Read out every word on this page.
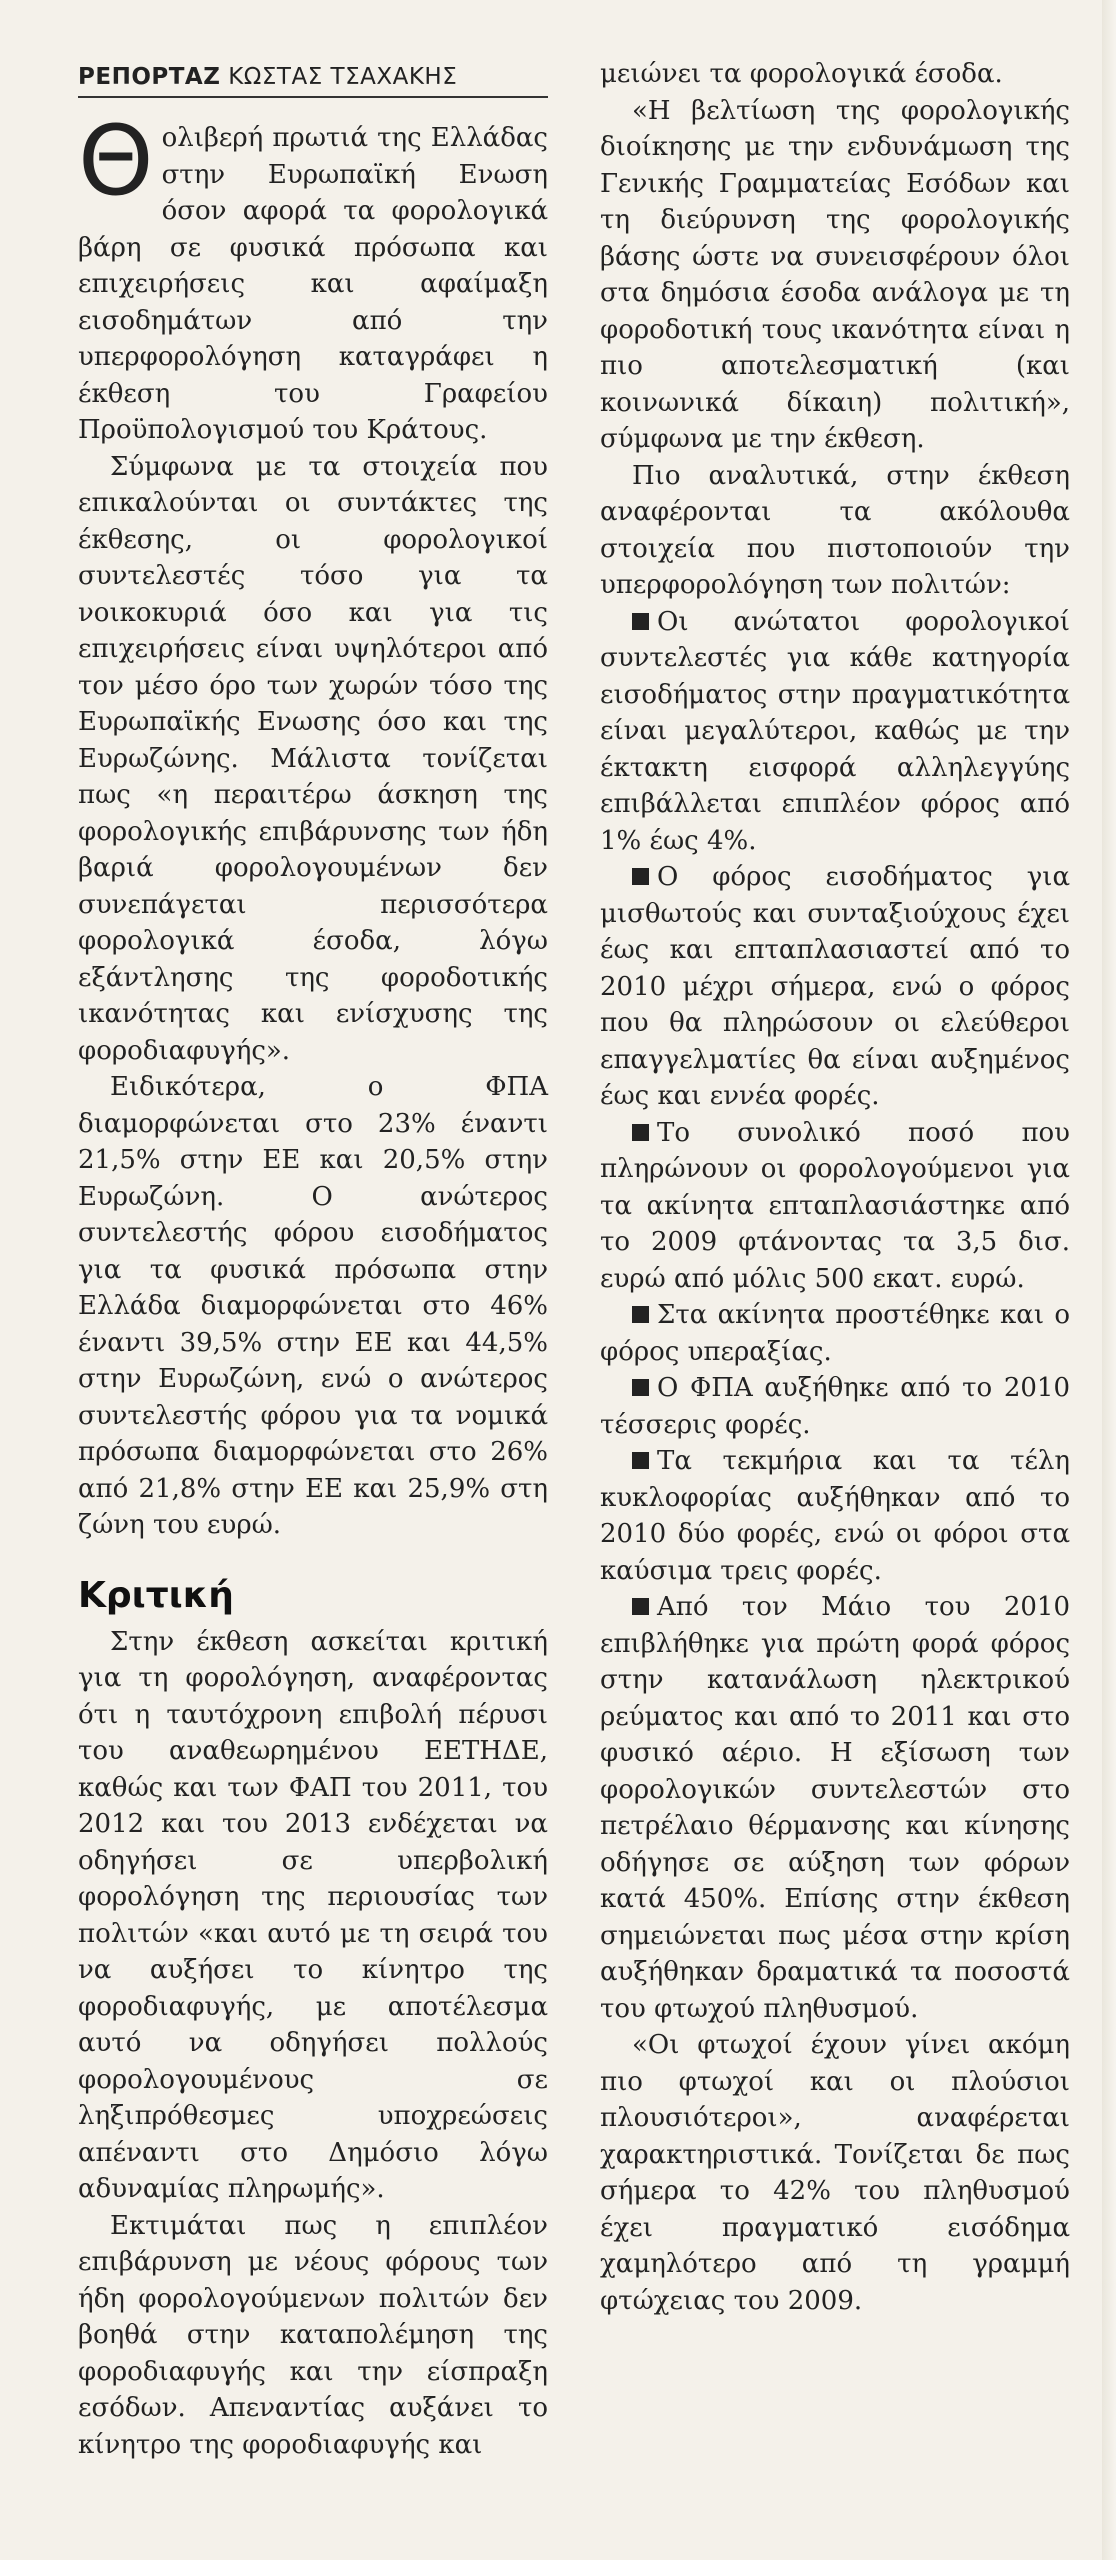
ΡΕΠΟΡΤΑΖ ΚΩΣΤΑΣ ΤΣΑΧΑΚΗΣ

Θολιβερή πρωτιά της Ελλάδας στην Ευρωπαϊκή Ενωση όσον αφορά τα φορολογικά βάρη σε φυσικά πρόσωπα και επιχειρήσεις και αφαίμαξη εισοδημάτων από την υπερφορολόγηση καταγράφει η έκθεση του Γραφείου Προϋπολογισμού του Κράτους.

Σύμφωνα με τα στοιχεία που επικαλούνται οι συντάκτες της έκθεσης, οι φορολογικοί συντελεστές τόσο για τα νοικοκυριά όσο και για τις επιχειρήσεις είναι υψηλότεροι από τον μέσο όρο των χωρών τόσο της Ευρωπαϊκής Ενωσης όσο και της Ευρωζώνης. Μάλιστα τονίζεται πως «η περαιτέρω άσκηση της φορολογικής επιβάρυνσης των ήδη βαριά φορολογουμένων δεν συνεπάγεται περισσότερα φορολογικά έσοδα, λόγω εξάντλησης της φοροδοτικής ικανότητας και ενίσχυσης της φοροδιαφυγής».

Ειδικότερα, ο ΦΠΑ διαμορφώνεται στο 23% έναντι 21,5% στην ΕΕ και 20,5% στην Ευρωζώνη. Ο ανώτερος συντελεστής φόρου εισοδήματος για τα φυσικά πρόσωπα στην Ελλάδα διαμορφώνεται στο 46% έναντι 39,5% στην ΕΕ και 44,5% στην Ευρωζώνη, ενώ ο ανώτερος συντελεστής φόρου για τα νομικά πρόσωπα διαμορφώνεται στο 26% από 21,8% στην ΕΕ και 25,9% στη ζώνη του ευρώ.

Κριτική

Στην έκθεση ασκείται κριτική για τη φορολόγηση, αναφέροντας ότι η ταυτόχρονη επιβολή πέρυσι του αναθεωρημένου ΕΕΤΗΔΕ, καθώς και των ΦΑΠ του 2011, του 2012 και του 2013 ενδέχεται να οδηγήσει σε υπερβολική φορολόγηση της περιουσίας των πολιτών «και αυτό με τη σειρά του να αυξήσει το κίνητρο της φοροδιαφυγής, με αποτέλεσμα αυτό να οδηγήσει πολλούς φορολογουμένους σε ληξιπρόθεσμες υποχρεώσεις απέναντι στο Δημόσιο λόγω αδυναμίας πληρωμής».

Εκτιμάται πως η επιπλέον επιβάρυνση με νέους φόρους των ήδη φορολογούμενων πολιτών δεν βοηθά στην καταπολέμηση της φοροδιαφυγής και την είσπραξη εσόδων. Απεναντίας αυξάνει το κίνητρο της φοροδιαφυγής και

μειώνει τα φορολογικά έσοδα.

«Η βελτίωση της φορολογικής διοίκησης με την ενδυνάμωση της Γενικής Γραμματείας Εσόδων και τη διεύρυνση της φορολογικής βάσης ώστε να συνεισφέρουν όλοι στα δημόσια έσοδα ανάλογα με τη φοροδοτική τους ικανότητα είναι η πιο αποτελεσματική (και κοινωνικά δίκαιη) πολιτική», σύμφωνα με την έκθεση.

Πιο αναλυτικά, στην έκθεση αναφέρονται τα ακόλουθα στοιχεία που πιστοποιούν την υπερφορολόγηση των πολιτών:

Οι ανώτατοι φορολογικοί συντελεστές για κάθε κατηγορία εισοδήματος στην πραγματικότητα είναι μεγαλύτεροι, καθώς με την έκτακτη εισφορά αλληλεγγύης επιβάλλεται επιπλέον φόρος από 1% έως 4%.

Ο φόρος εισοδήματος για μισθωτούς και συνταξιούχους έχει έως και επταπλασιαστεί από το 2010 μέχρι σήμερα, ενώ ο φόρος που θα πληρώσουν οι ελεύθεροι επαγγελματίες θα είναι αυξημένος έως και εννέα φορές.

Το συνολικό ποσό που πληρώνουν οι φορολογούμενοι για τα ακίνητα επταπλασιάστηκε από το 2009 φτάνοντας τα 3,5 δισ. ευρώ από μόλις 500 εκατ. ευρώ.

Στα ακίνητα προστέθηκε και ο φόρος υπεραξίας.

Ο ΦΠΑ αυξήθηκε από το 2010 τέσσερις φορές.

Τα τεκμήρια και τα τέλη κυκλοφορίας αυξήθηκαν από το 2010 δύο φορές, ενώ οι φόροι στα καύσιμα τρεις φορές.

Από τον Μάιο του 2010 επιβλήθηκε για πρώτη φορά φόρος στην κατανάλωση ηλεκτρικού ρεύματος και από το 2011 και στο φυσικό αέριο. Η εξίσωση των φορολογικών συντελεστών στο πετρέλαιο θέρμανσης και κίνησης οδήγησε σε αύξηση των φόρων κατά 450%. Επίσης στην έκθεση σημειώνεται πως μέσα στην κρίση αυξήθηκαν δραματικά τα ποσοστά του φτωχού πληθυσμού.

«Οι φτωχοί έχουν γίνει ακόμη πιο φτωχοί και οι πλούσιοι πλουσιότεροι», αναφέρεται χαρακτηριστικά. Τονίζεται δε πως σήμερα το 42% του πληθυσμού έχει πραγματικό εισόδημα χαμηλότερο από τη γραμμή φτώχειας του 2009.
